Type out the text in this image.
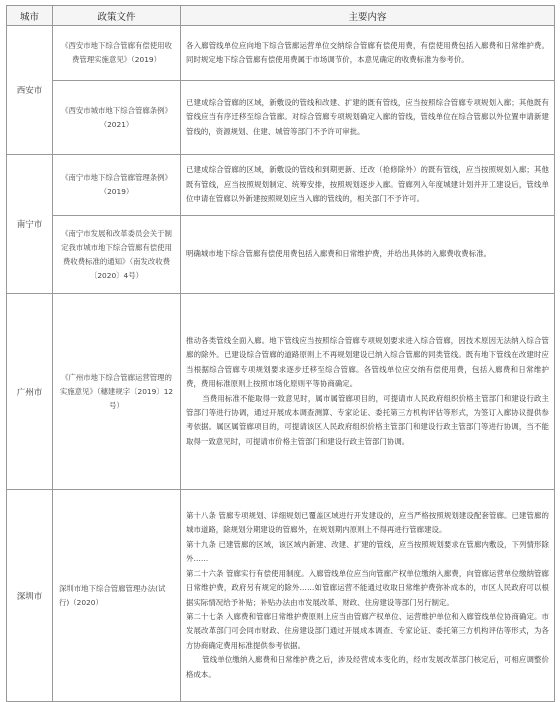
城市	政策文件	主要内容
西安市	《西安市地下综合管廊有偿使用收费管理实施意见》（2019）	各入廊管线单位应向地下综合管廊运营单位交纳综合管廊有偿使用费，有偿使用费包括入廊费和日常维护费。同时规定地下综合管廊有偿使用费属于市场调节价，本意见确定的收费标准为参考价。
	《西安市城市地下综合管廊条例》（2021）	已建成综合管廊的区域，新敷设的管线和改建、扩建的既有管线，应当按照综合管廊专项规划入廊；其他既有管线应当有序迁移至综合管廊。对综合管廊专项规划确定入廊的管线，管线单位在综合管廊以外位置申请新建管线的，资源规划、住建、城管等部门不予许可审批。
南宁市	《南宁市地下综合管廊管理条例》（2019）	已建成综合管廊的区域，新敷设的管线和到期更新、迁改（抢修除外）的既有管线，应当按照规划入廊；其他既有管线，应当按照规划制定、统筹安排，按照规划逐步入廊。管廊列入年度城建计划并开工建设后，管线单位申请在管廊以外新建按照规划应当入廊的管线的，相关部门不予许可。
	《南宁市发展和改革委员会关于制定我市城市地下综合管廊有偿使用费收费标准的通知》（南发改收费〔2020〕4号）	明确城市地下综合管廊有偿使用费包括入廊费和日常维护费，并给出具体的入廊费收费标准。
广州市	《广州市地下综合管廊运营管理的实施意见》（穗建规字〔2019〕12号）	推动各类管线全面入廊。地下管线应当按照综合管廊专项规划要求进入综合管廊，因技术原因无法纳入综合管廊的除外。已建设综合管廊的道路原则上不再规划建设已纳入综合管廊的同类管线。既有地下管线在改建时应当根据综合管廊专项规划要求逐步迁移至综合管廊。各管线单位应交纳有偿使用费，包括入廊费和日常维护费，费用标准原则上按照市场化原则平等协商确定。

当费用标准不能取得一致意见时，属市属管廊项目的，可提请市人民政府组织价格主管部门和建设行政主管部门等进行协调，通过开展成本调查测算、专家论证、委托第三方机构评估等形式，为签订入廊协议提供参考依据。属区属管廊项目的，可提请该区人民政府组织价格主管部门和建设行政主管部门等进行协调，当不能取得一致意见时，可提请市价格主管部门和建设行政主管部门协调。

深圳市	深圳市地下综合管廊管理办法(试行)（2020）	第十八条 管廊专项规划、详细规划已覆盖区域进行开发建设的，应当严格按照规划建设配套管廊。已建管廊的城市道路，除规划分期建设的管廊外，在规划期内原则上不得再进行管廊建设。

第十九条 已建管廊的区域，该区域内新建、改建、扩建的管线，应当按照规划要求在管廊内敷设，下列情形除外……

第二十六条 管廊实行有偿使用制度。入廊管线单位应当向管廊产权单位缴纳入廊费，向管廊运营单位缴纳管廊日常维护费，政府另有规定的除外……如管廊运营不能通过收取日常维护费弥补成本的，市区人民政府可以根据实际情况给予补贴；补贴办法由市发展改革、财政、住房建设等部门另行制定。

第二十七条 入廊费和管廊日常维护费原则上应当由管廊产权单位、运营维护单位和入廊管线单位协商确定。市发展改革部门可会同市财政、住房建设部门通过开展成本调查、专家论证、委托第三方机构评估等形式，为各方协商确定费用标准提供参考依据。

管线单位缴纳入廊费和日常维护费之后，涉及经营成本变化的，经市发展改革部门核定后，可相应调整价格成本。
